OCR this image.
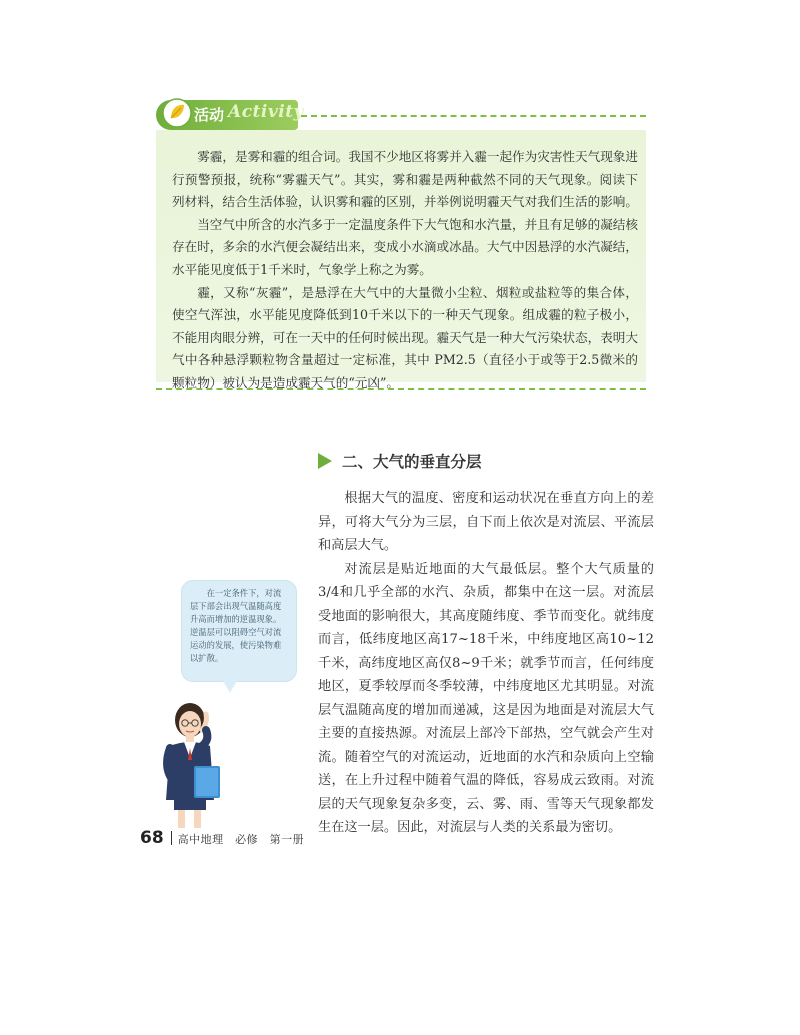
活动 Activity

雾霾，是雾和霾的组合词。我国不少地区将雾并入霾一起作为灾害性天气现象进行预警预报，统称“雾霾天气”。其实，雾和霾是两种截然不同的天气现象。阅读下列材料，结合生活体验，认识雾和霾的区别，并举例说明霾天气对我们生活的影响。

当空气中所含的水汽多于一定温度条件下大气饱和水汽量，并且有足够的凝结核存在时，多余的水汽便会凝结出来，变成小水滴或冰晶。大气中因悬浮的水汽凝结，水平能见度低于1千米时，气象学上称之为雾。

霾，又称“灰霾”，是悬浮在大气中的大量微小尘粒、烟粒或盐粒等的集合体，使空气浑浊，水平能见度降低到10千米以下的一种天气现象。组成霾的粒子极小，不能用肉眼分辨，可在一天中的任何时候出现。霾天气是一种大气污染状态，表明大气中各种悬浮颗粒物含量超过一定标准，其中 PM2.5（直径小于或等于2.5微米的颗粒物）被认为是造成霾天气的“元凶”。

二、大气的垂直分层

根据大气的温度、密度和运动状况在垂直方向上的差异，可将大气分为三层，自下而上依次是对流层、平流层和高层大气。

对流层是贴近地面的大气最低层。整个大气质量的3/4和几乎全部的水汽、杂质，都集中在这一层。对流层受地面的影响很大，其高度随纬度、季节而变化。就纬度而言，低纬度地区高17~18千米，中纬度地区高10~12千米，高纬度地区高仅8~9千米；就季节而言，任何纬度地区，夏季较厚而冬季较薄，中纬度地区尤其明显。对流层气温随高度的增加而递减，这是因为地面是对流层大气主要的直接热源。对流层上部冷下部热，空气就会产生对流。随着空气的对流运动，近地面的水汽和杂质向上空输送，在上升过程中随着气温的降低，容易成云致雨。对流层的天气现象复杂多变，云、雾、雨、雪等天气现象都发生在这一层。因此，对流层与人类的关系最为密切。

在一定条件下，对流层下部会出现气温随高度升高而增加的逆温现象。逆温层可以阻碍空气对流运动的发展，使污染物难以扩散。
68 高中地理　必修　第一册
